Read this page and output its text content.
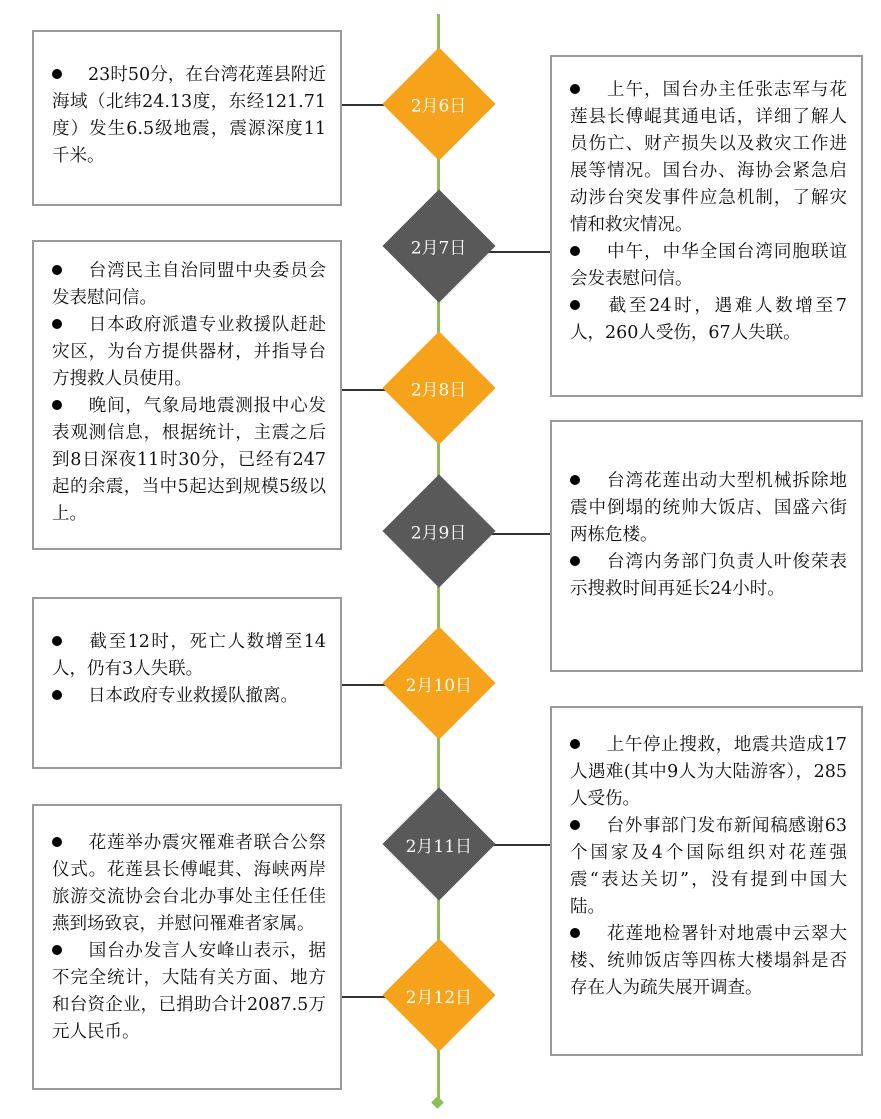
23时50分，在台湾花莲县附近海域（北纬24.13度，东经121.71度）发生6.5级地震，震源深度11千米。

上午，国台办主任张志军与花莲县长傅崐萁通电话，详细了解人员伤亡、财产损失以及救灾工作进展等情况。国台办、海协会紧急启动涉台突发事件应急机制，了解灾情和救灾情况。

中午，中华全国台湾同胞联谊会发表慰问信。

截至24时，遇难人数增至7人，260人受伤，67人失联。

台湾民主自治同盟中央委员会发表慰问信。

日本政府派遣专业救援队赶赴灾区，为台方提供器材，并指导台方搜救人员使用。

晚间，气象局地震测报中心发表观测信息，根据统计，主震之后到8日深夜11时30分，已经有247起的余震，当中5起达到规模5级以上。

台湾花莲出动大型机械拆除地震中倒塌的统帅大饭店、国盛六街两栋危楼。

台湾内务部门负责人叶俊荣表示搜救时间再延长24小时。

截至12时，死亡人数增至14人，仍有3人失联。

日本政府专业救援队撤离。

上午停止搜救，地震共造成17人遇难(其中9人为大陆游客），285人受伤。

台外事部门发布新闻稿感谢63个国家及4个国际组织对花莲强震“表达关切”，没有提到中国大陆。

花莲地检署针对地震中云翠大楼、统帅饭店等四栋大楼塌斜是否存在人为疏失展开调查。

花莲举办震灾罹难者联合公祭仪式。花莲县长傅崐萁、海峡两岸旅游交流协会台北办事处主任任佳燕到场致哀，并慰问罹难者家属。

国台办发言人安峰山表示，据不完全统计，大陆有关方面、地方和台资企业，已捐助合计2087.5万元人民币。

2月6日
2月7日
2月8日
2月9日
2月10日
2月11日
2月12日
